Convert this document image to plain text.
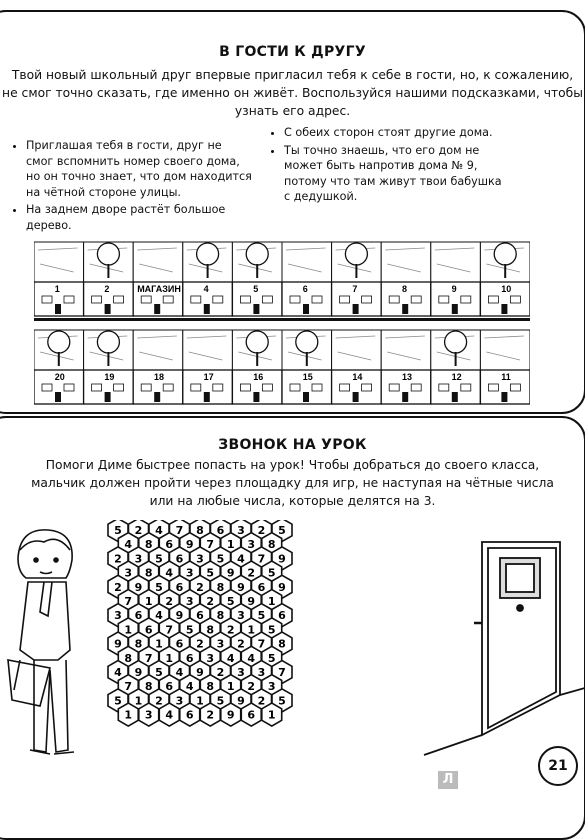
В ГОСТИ К ДРУГУ
Твой новый школьный друг впервые пригласил тебя к себе в гости, но, к сожалению,
не смог точно сказать, где именно он живёт. Воспользуйся нашими подсказками, чтобы
узнать его адрес.
• Приглашая тебя в гости, друг не смог вспомнить номер своего дома, но он точно знает, что дом находится на чётной стороне улицы.
• На заднем дворе растёт большое дерево.
• С обеих сторон стоят другие дома.
• Ты точно знаешь, что его дом не может быть напротив дома № 9, потому что там живут твои бабушка с дедушкой.
1	2	МАГАЗИН	4	5	6	7	8	9	10
20	19	18	17	16	15	14	13	12	11
ЗВОНОК НА УРОК
Помоги Диме быстрее попасть на урок! Чтобы добраться до своего класса,
мальчик должен пройти через площадку для игр, не наступая на чётные числа
или на любые числа, которые делятся на 3.
5 2 4 7 8 6 3 2 5
4 8 6 9 7 1 3 8
2 3 5 6 3 5 4 7 9
3 8 4 3 5 9 2 5
2 9 5 6 2 8 9 6 9
7 1 2 3 2 5 9 1
3 6 4 9 6 8 3 5 6
1 6 7 5 8 2 1 5
9 8 1 6 2 3 2 7 8
8 7 1 6 3 4 4 5
4 9 5 4 9 2 3 3 7
7 8 6 4 8 1 2 3
5 1 2 3 1 5 9 2 5
1 3 4 6 2 9 6 1
21
Л
